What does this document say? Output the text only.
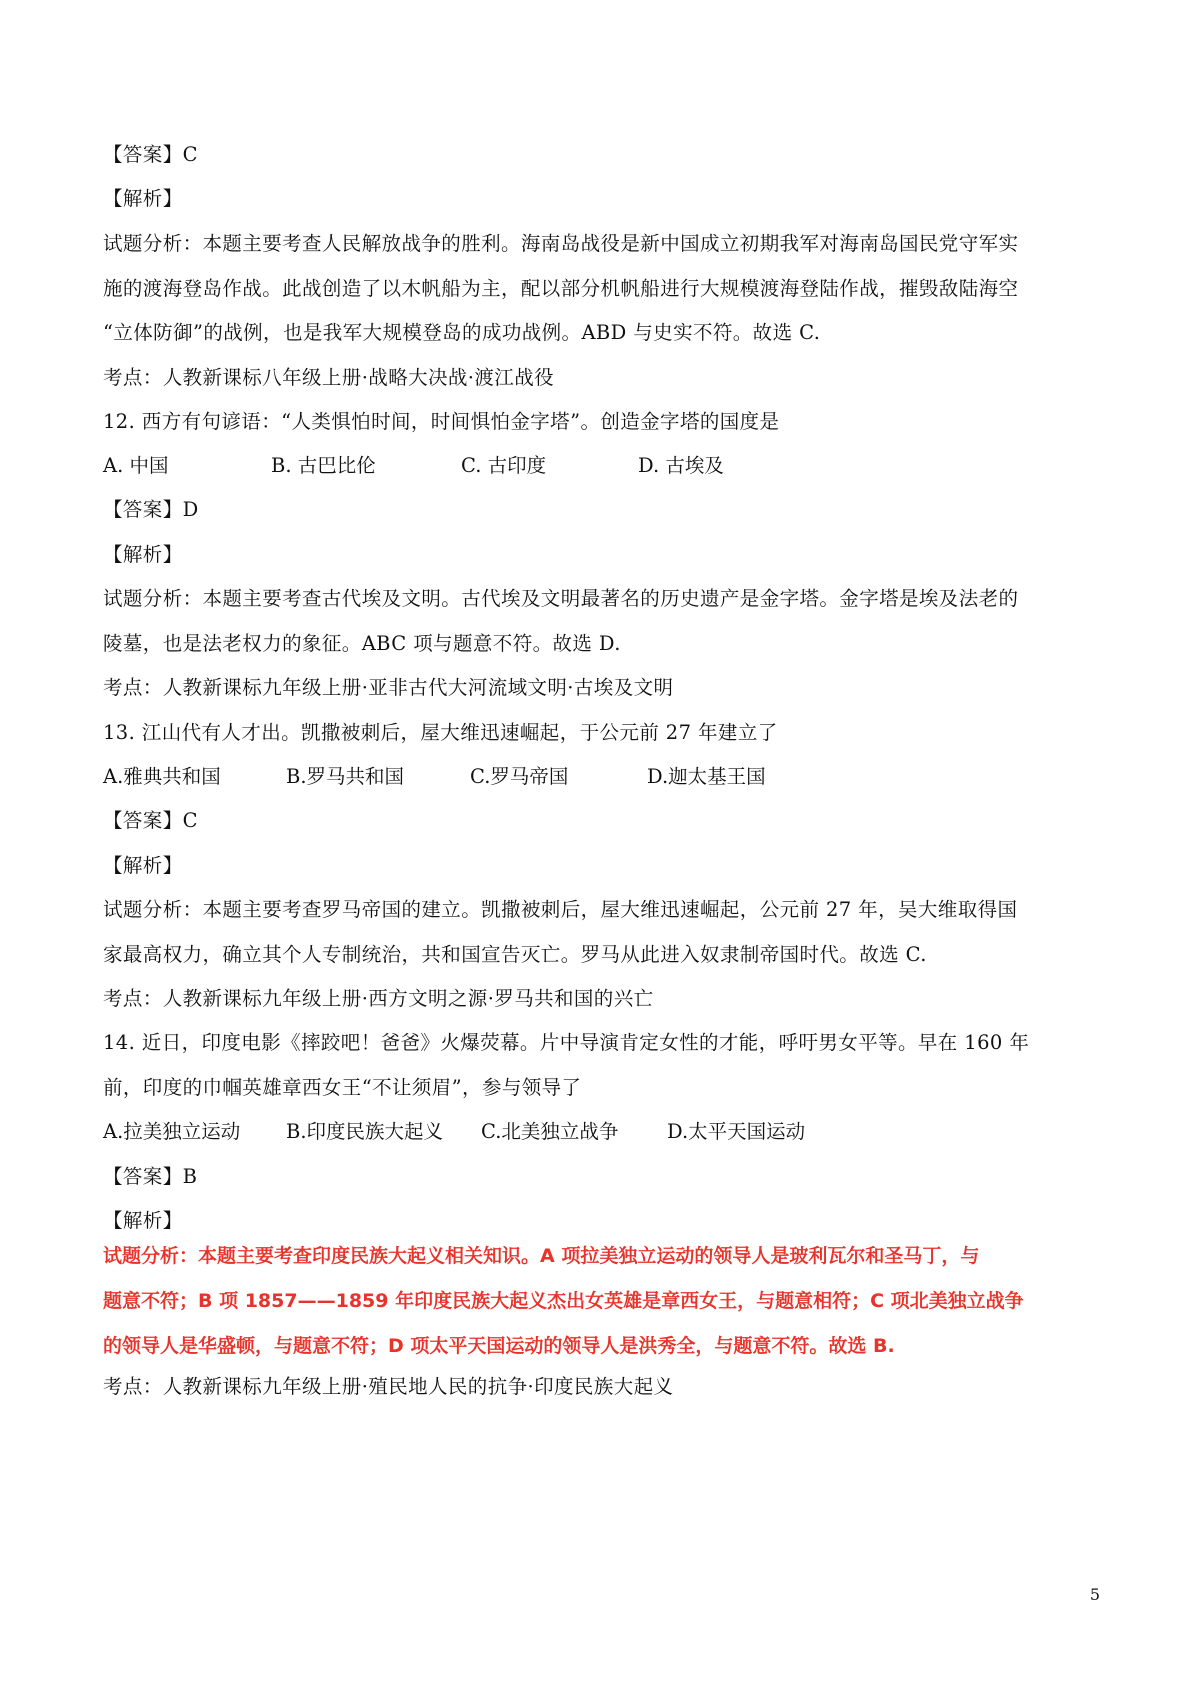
【答案】C
【解析】
试题分析：本题主要考查人民解放战争的胜利。海南岛战役是新中国成立初期我军对海南岛国民党守军实
施的渡海登岛作战。此战创造了以木帆船为主，配以部分机帆船进行大规模渡海登陆作战，摧毁敌陆海空
“立体防御”的战例，也是我军大规模登岛的成功战例。ABD 与史实不符。故选 C.
考点：人教新课标八年级上册·战略大决战·渡江战役
12. 西方有句谚语：“人类惧怕时间，时间惧怕金字塔”。创造金字塔的国度是
A. 中国	B. 古巴比伦	C. 古印度	D. 古埃及
【答案】D
【解析】
试题分析：本题主要考查古代埃及文明。古代埃及文明最著名的历史遗产是金字塔。金字塔是埃及法老的
陵墓，也是法老权力的象征。ABC 项与题意不符。故选 D.
考点：人教新课标九年级上册·亚非古代大河流域文明·古埃及文明
13. 江山代有人才出。凯撒被刺后，屋大维迅速崛起，于公元前 27 年建立了
A.雅典共和国	B.罗马共和国	C.罗马帝国	D.迦太基王国
【答案】C
【解析】
试题分析：本题主要考查罗马帝国的建立。凯撒被刺后，屋大维迅速崛起，公元前 27 年，吴大维取得国
家最高权力，确立其个人专制统治，共和国宣告灭亡。罗马从此进入奴隶制帝国时代。故选 C.
考点：人教新课标九年级上册·西方文明之源·罗马共和国的兴亡
14. 近日，印度电影《摔跤吧！爸爸》火爆荧幕。片中导演肯定女性的才能，呼吁男女平等。早在 160 年
前，印度的巾帼英雄章西女王“不让须眉”，参与领导了
A.拉美独立运动 B.印度民族大起义 C.北美独立战争 D.太平天国运动
【答案】B
【解析】
试题分析：本题主要考查印度民族大起义相关知识。A 项拉美独立运动的领导人是玻利瓦尔和圣马丁，与
题意不符；B 项 1857——1859 年印度民族大起义杰出女英雄是章西女王，与题意相符；C 项北美独立战争
的领导人是华盛顿，与题意不符；D 项太平天国运动的领导人是洪秀全，与题意不符。故选 B.
考点：人教新课标九年级上册·殖民地人民的抗争·印度民族大起义
5
